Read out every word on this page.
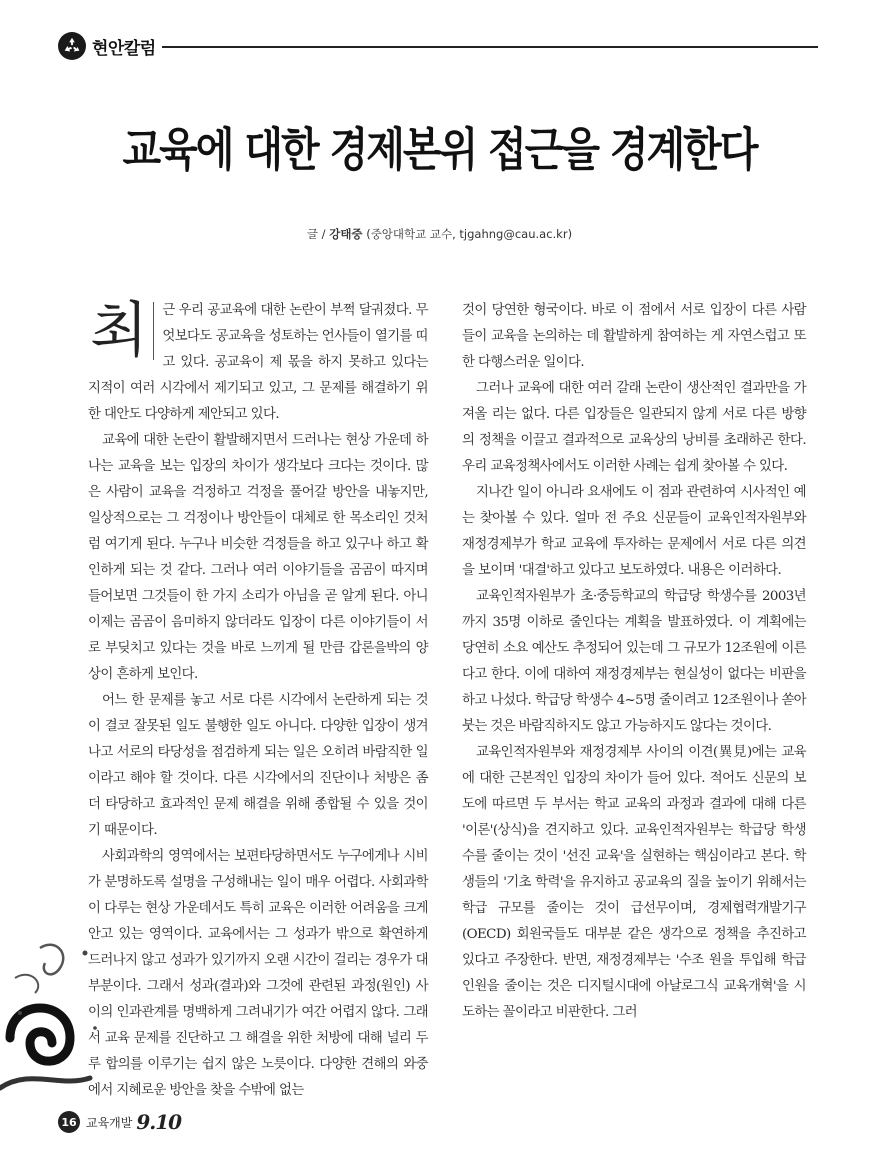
현안칼럼
교육에 대한 경제본위 접근을 경계한다
글 / 강태중 (중앙대학교 교수, tjgahng@cau.ac.kr)

최	근 우리 공교육에 대한 논란이 부쩍 달궈졌다. 무엇보다도 공교육을 성토하는 언사들이 열기를 띠고 있다. 공교육이 제 몫을 하지 못하고 있다는 지적이 여러 시각에서 제기되고 있고, 그 문제를 해결하기 위한 대안도 다양하게 제안되고 있다.

교육에 대한 논란이 활발해지면서 드러나는 현상 가운데 하나는 교육을 보는 입장의 차이가 생각보다 크다는 것이다. 많은 사람이 교육을 걱정하고 걱정을 풀어갈 방안을 내놓지만, 일상적으로는 그 걱정이나 방안들이 대체로 한 목소리인 것처럼 여기게 된다. 누구나 비슷한 걱정들을 하고 있구나 하고 확인하게 되는 것 같다. 그러나 여러 이야기들을 곰곰이 따지며 들어보면 그것들이 한 가지 소리가 아님을 곧 알게 된다. 아니 이제는 곰곰이 음미하지 않더라도 입장이 다른 이야기들이 서로 부딪치고 있다는 것을 바로 느끼게 될 만큼 갑론을박의 양상이 흔하게 보인다.

어느 한 문제를 놓고 서로 다른 시각에서 논란하게 되는 것이 결코 잘못된 일도 불행한 일도 아니다. 다양한 입장이 생겨나고 서로의 타당성을 점검하게 되는 일은 오히려 바람직한 일이라고 해야 할 것이다. 다른 시각에서의 진단이나 처방은 좀 더 타당하고 효과적인 문제 해결을 위해 종합될 수 있을 것이기 때문이다.

사회과학의 영역에서는 보편타당하면서도 누구에게나 시비가 분명하도록 설명을 구성해내는 일이 매우 어렵다. 사회과학이 다루는 현상 가운데서도 특히 교육은 이러한 어려움을 크게 안고 있는 영역이다. 교육에서는 그 성과가 밖으로 확연하게 드러나지 않고 성과가 있기까지 오랜 시간이 걸리는 경우가 대부분이다. 그래서 성과(결과)와 그것에 관련된 과정(원인) 사이의 인과관계를 명백하게 그려내기가 여간 어렵지 않다. 그래서 교육 문제를 진단하고 그 해결을 위한 처방에 대해 널리 두루 합의를 이루기는 쉽지 않은 노릇이다. 다양한 견해의 와중에서 지혜로운 방안을 찾을 수밖에 없는

것이 당연한 형국이다. 바로 이 점에서 서로 입장이 다른 사람들이 교육을 논의하는 데 활발하게 참여하는 게 자연스럽고 또한 다행스러운 일이다.

그러나 교육에 대한 여러 갈래 논란이 생산적인 결과만을 가져올 리는 없다. 다른 입장들은 일관되지 않게 서로 다른 방향의 정책을 이끌고 결과적으로 교육상의 낭비를 초래하곤 한다. 우리 교육정책사에서도 이러한 사례는 쉽게 찾아볼 수 있다.

지나간 일이 아니라 요새에도 이 점과 관련하여 시사적인 예는 찾아볼 수 있다. 얼마 전 주요 신문들이 교육인적자원부와 재정경제부가 학교 교육에 투자하는 문제에서 서로 다른 의견을 보이며 '대결'하고 있다고 보도하였다. 내용은 이러하다.

교육인적자원부가 초·중등학교의 학급당 학생수를 2003년까지 35명 이하로 줄인다는 계획을 발표하였다. 이 계획에는 당연히 소요 예산도 추정되어 있는데 그 규모가 12조원에 이른다고 한다. 이에 대하여 재정경제부는 현실성이 없다는 비판을 하고 나섰다. 학급당 학생수 4~5명 줄이려고 12조원이나 쏟아 붓는 것은 바람직하지도 않고 가능하지도 않다는 것이다.

교육인적자원부와 재정경제부 사이의 이견(異見)에는 교육에 대한 근본적인 입장의 차이가 들어 있다. 적어도 신문의 보도에 따르면 두 부서는 학교 교육의 과정과 결과에 대해 다른 '이론'(상식)을 견지하고 있다. 교육인적자원부는 학급당 학생수를 줄이는 것이 '선진 교육'을 실현하는 핵심이라고 본다. 학생들의 '기초 학력'을 유지하고 공교육의 질을 높이기 위해서는 학급 규모를 줄이는 것이 급선무이며, 경제협력개발기구(OECD) 회원국들도 대부분 같은 생각으로 정책을 추진하고 있다고 주장한다. 반면, 재정경제부는 '수조 원을 투입해 학급 인원을 줄이는 것은 디지털시대에 아날로그식 교육개혁'을 시도하는 꼴이라고 비판한다. 그러

16 교육개발 9.10
